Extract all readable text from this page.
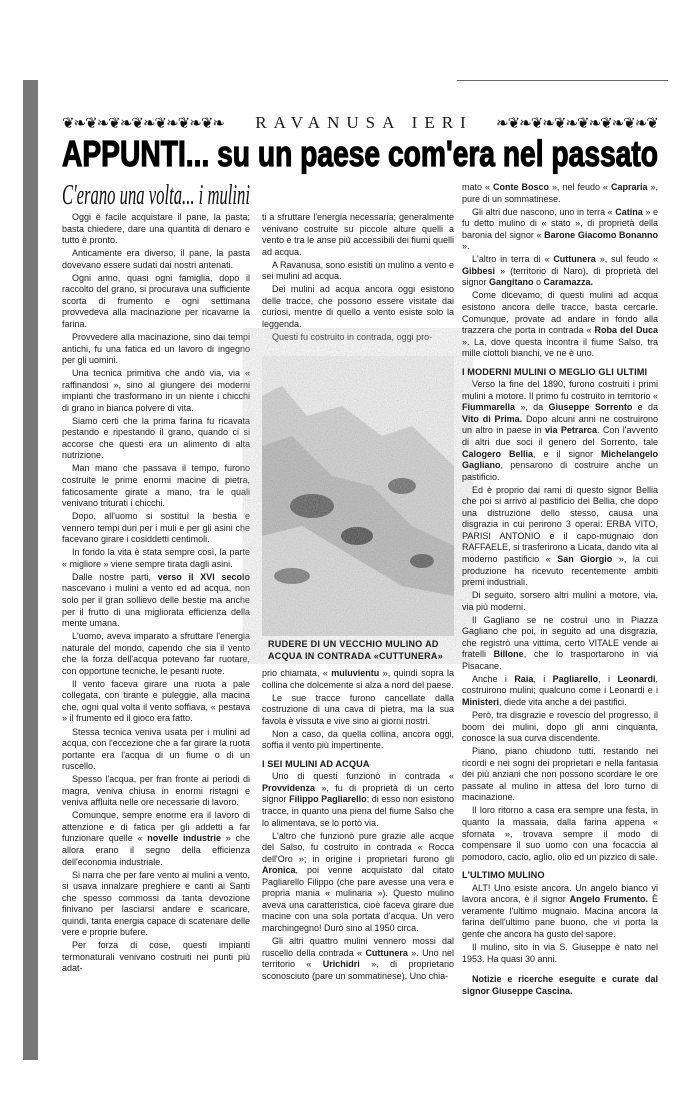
❦❧❦❧❦❧❦❧❦❧❦❧❦❧	RAVANUSA IERI	❧❦❧❦❧❦❧❦❧❦❧❦❧❦
APPUNTI... su un paese com'era nel passato
C'erano una volta... i mulini

Oggi è facile acquistare il pane, la pasta; basta chiedere, dare una quantità di denaro e tutto è pronto.

Anticamente era diverso, il pane, la pasta dovevano essere sudati dai nostri antenati.

Ogni anno, quasi ogni famiglia, dopo il raccolto del grano, si procurava una sufficiente scorta di frumento e ogni settimana provvedeva alla macinazione per ricavarne la farina.

Provvedere alla macinazione, sino dai tempi antichi, fu una fatica ed un lavoro di ingegno per gli uomini.

Una tecnica primitiva che andò via, via « raffinandosi », sino al giungere dei moderni impianti che trasformano in un niente i chicchi di grano in bianca polvere di vita.

Siamo certi che la prima farina fu ricavata pestando e ripestando il grano, quando ci si accorse che questi era un alimento di alta nutrizione.

Man mano che passava il tempo, furono costruite le prime enormi macine di pietra, faticosamente girate a mano, tra le quali venivano triturati i chicchi.

Dopo, all'uomo si sostituì la bestia e vennero tempi duri per i muli e per gli asini che facevano girare i cosiddetti centimoli.

In fondo la vita è stata sempre così, la parte « migliore » viene sempre tirata dagli asini.

Dalle nostre parti, verso il XVI secolo nascevano i mulini a vento ed ad acqua, non solo per il gran sollievo delle bestie ma anche per il frutto di una migliorata efficienza della mente umana.

L'uomo, aveva imparato a sfruttare l'energia naturale del mondo, capendo che sia il vento che la forza dell'acqua potevano far ruotare, con opportune tecniche, le pesanti ruote.

Il vento faceva girare una ruota a pale collegata, con tirante e puleggie, alla macina che, ogni qual volta il vento soffiava, « pestava » il frumento ed il gioco era fatto.

Stessa tecnica veniva usata per i mulini ad acqua, con l'eccezione che a far girare la ruota portante era l'acqua di un fiume o di un ruscello.

Spesso l'acqua, per fran fronte ai periodi di magra, veniva chiusa in enormi ristagni e veniva affluita nelle ore necessarie di lavoro.

Comunque, sempre enorme era il lavoro di attenzione e di fatica per gli addetti a far funzionare quelle « novelle industrie » che allora erano il segno della efficienza dell'economia industriale.

Si narra che per fare vento ai mulini a vento, si usava innalzare preghiere e canti ai Santi che spesso commossi da tanta devozione finivano per lasciarsi andare e scaricare, quindi, tanta energia capace di scatenare delle vere e proprie bufere.

Per forza di cose, questi impianti termonaturali venivano costruiti nei punti più adat-

ti a sfruttare l'energia necessaria; generalmente venivano costruite su piccole alture quelli a vento e tra le anse più accessibili dei fiumi quelli ad acqua.

A Ravanusa, sono esistiti un mulino a vento e sei mulini ad acqua.

Dei mulini ad acqua ancora oggi esistono delle tracce, che possono essere visitate dai curiosi, mentre di quello a vento esiste solo la leggenda.

Questi fu costruito in contrada, oggi pro-

RUDERE DI UN VECCHIO MULINO AD ACQUA IN CONTRADA «CUTTUNERA»

prio chiamata, « muluvientu », quindi sopra la collina che dolcemente si alza a nord del paese.

Le sue tracce furono cancellate dalla costruzione di una cava di pietra, ma la sua favola è vissuta e vive sino ai giorni nostri.

Non a caso, da quella collina, ancora oggi, soffia il vento più impertinente.

I SEI MULINI AD ACQUA

Uno di questi funzionò in contrada « Provvidenza », fu di proprietà di un certo signor Filippo Pagliarello; di esso non esistono tracce, in quanto una piena del fiume Salso che lo alimentava, se lo portò via.

L'altro che funzionò pure grazie alle acque del Salso, fu costruito in contrada « Rocca dell'Oro »; in origine i proprietari furono gli Aronica, poi venne acquistato dal citato Pagliarello Filippo (che pare avesse una vera e propria mania « mulinaria »). Questo mulino aveva una caratteristica, cioè faceva girare due macine con una sola portata d'acqua. Un vero marchingegno! Durò sino al 1950 circa.

Gli altri quattro mulini vennero mossi dal ruscello della contrada « Cuttunera ». Uno nel territorio « Urichidri », di proprietario sconosciuto (pare un sommatinese). Uno chia-

mato « Conte Bosco », nel feudo « Capraria », pure di un sommatinese.

Gli altri due nascono, uno in terra « Catina » e fu detto mulino di « stato », di proprietà della baronia del signor « Barone Giacomo Bonanno ».

L'altro in terra di « Cuttunera », sul feudo « Gibbesi » (territorio di Naro), di proprietà del signor Gangitano o Caramazza.

Come dicevamo, di questi mulini ad acqua esistono ancora delle tracce, basta cercarle. Comunque, provate ad andare in fondo alla trazzera che porta in contrada « Roba del Duca ». La, dove questa incontra il fiume Salso, tra mille ciottoli bianchi, ve ne è uno.

I MODERNI MULINI O MEGLIO GLI ULTIMI

Verso la fine del 1890, furono costruiti i primi mulini a motore. Il primo fu costruito in territorio « Fiummarella », da Giuseppe Sorrento e da Vito di Prima. Dopo alcuni anni ne costruirono un altro in paese in via Petrarca. Con l'avvento di altri due soci il genero del Sorrento, tale Calogero Bellia, e il signor Michelangelo Gagliano, pensarono di costruire anche un pastificio.

Ed è proprio dai rami di questo signor Bellia che poi si arrivò al pastificio dei Bellia, che dopo una distruzione dello stesso, causa una disgrazia in cui perirono 3 operai: ERBA VITO, PARISI ANTONIO e il capo-mugnaio don RAFFAELE, si trasferirono a Licata, dando vita al moderno pastificio « San Giorgio », la cui produzione ha ricevuto recentemente ambiti premi industriali.

Di seguito, sorsero altri mulini a motore, via, via più moderni.

Il Gagliano se ne costruì uno in Piazza Gagliano che poi, in seguito ad una disgrazia, che registrò una vittima, certo VITALE vende ai fratelli Billone, che lo trasportarono in via Pisacane.

Anche i Raia, i Pagliarello, i Leonardi, costruirono mulini; qualcuno come i Leonardi e i Ministeri, diede vita anche a dei pastifici.

Però, tra disgrazie e rovescio del progresso, il boom dei mulini, dopo gli anni cinquanta, conosce la sua curva discendente.

Piano, piano chiudono tutti, restando nei ricordi e nei sogni dei proprietari e nella fantasia dei più anziani che non possono scordare le ore passate al mulino in attesa del loro turno di macinazione.

Il loro ritorno a casa era sempre una festa, in quanto la massaia, dalla farina appena « sfornata », trovava sempre il modo di compensare il suo uomo con una focaccia al pomodoro, cacio, aglio, olio ed un pizzico di sale.

L'ULTIMO MULINO

ALT! Uno esiste ancora. Un angelo bianco vi lavora ancora, è il signor Angelo Frumento. È veramente l'ultimo mugnaio. Macina ancora la farina dell'ultimo pane buono, che vi porta la gente che ancora ha gusto del sapore.

Il mulino, sito in via S. Giuseppe è nato nel 1953. Ha quasi 30 anni.

Notizie e ricerche eseguite e curate dal signor Giuseppe Cascina.
